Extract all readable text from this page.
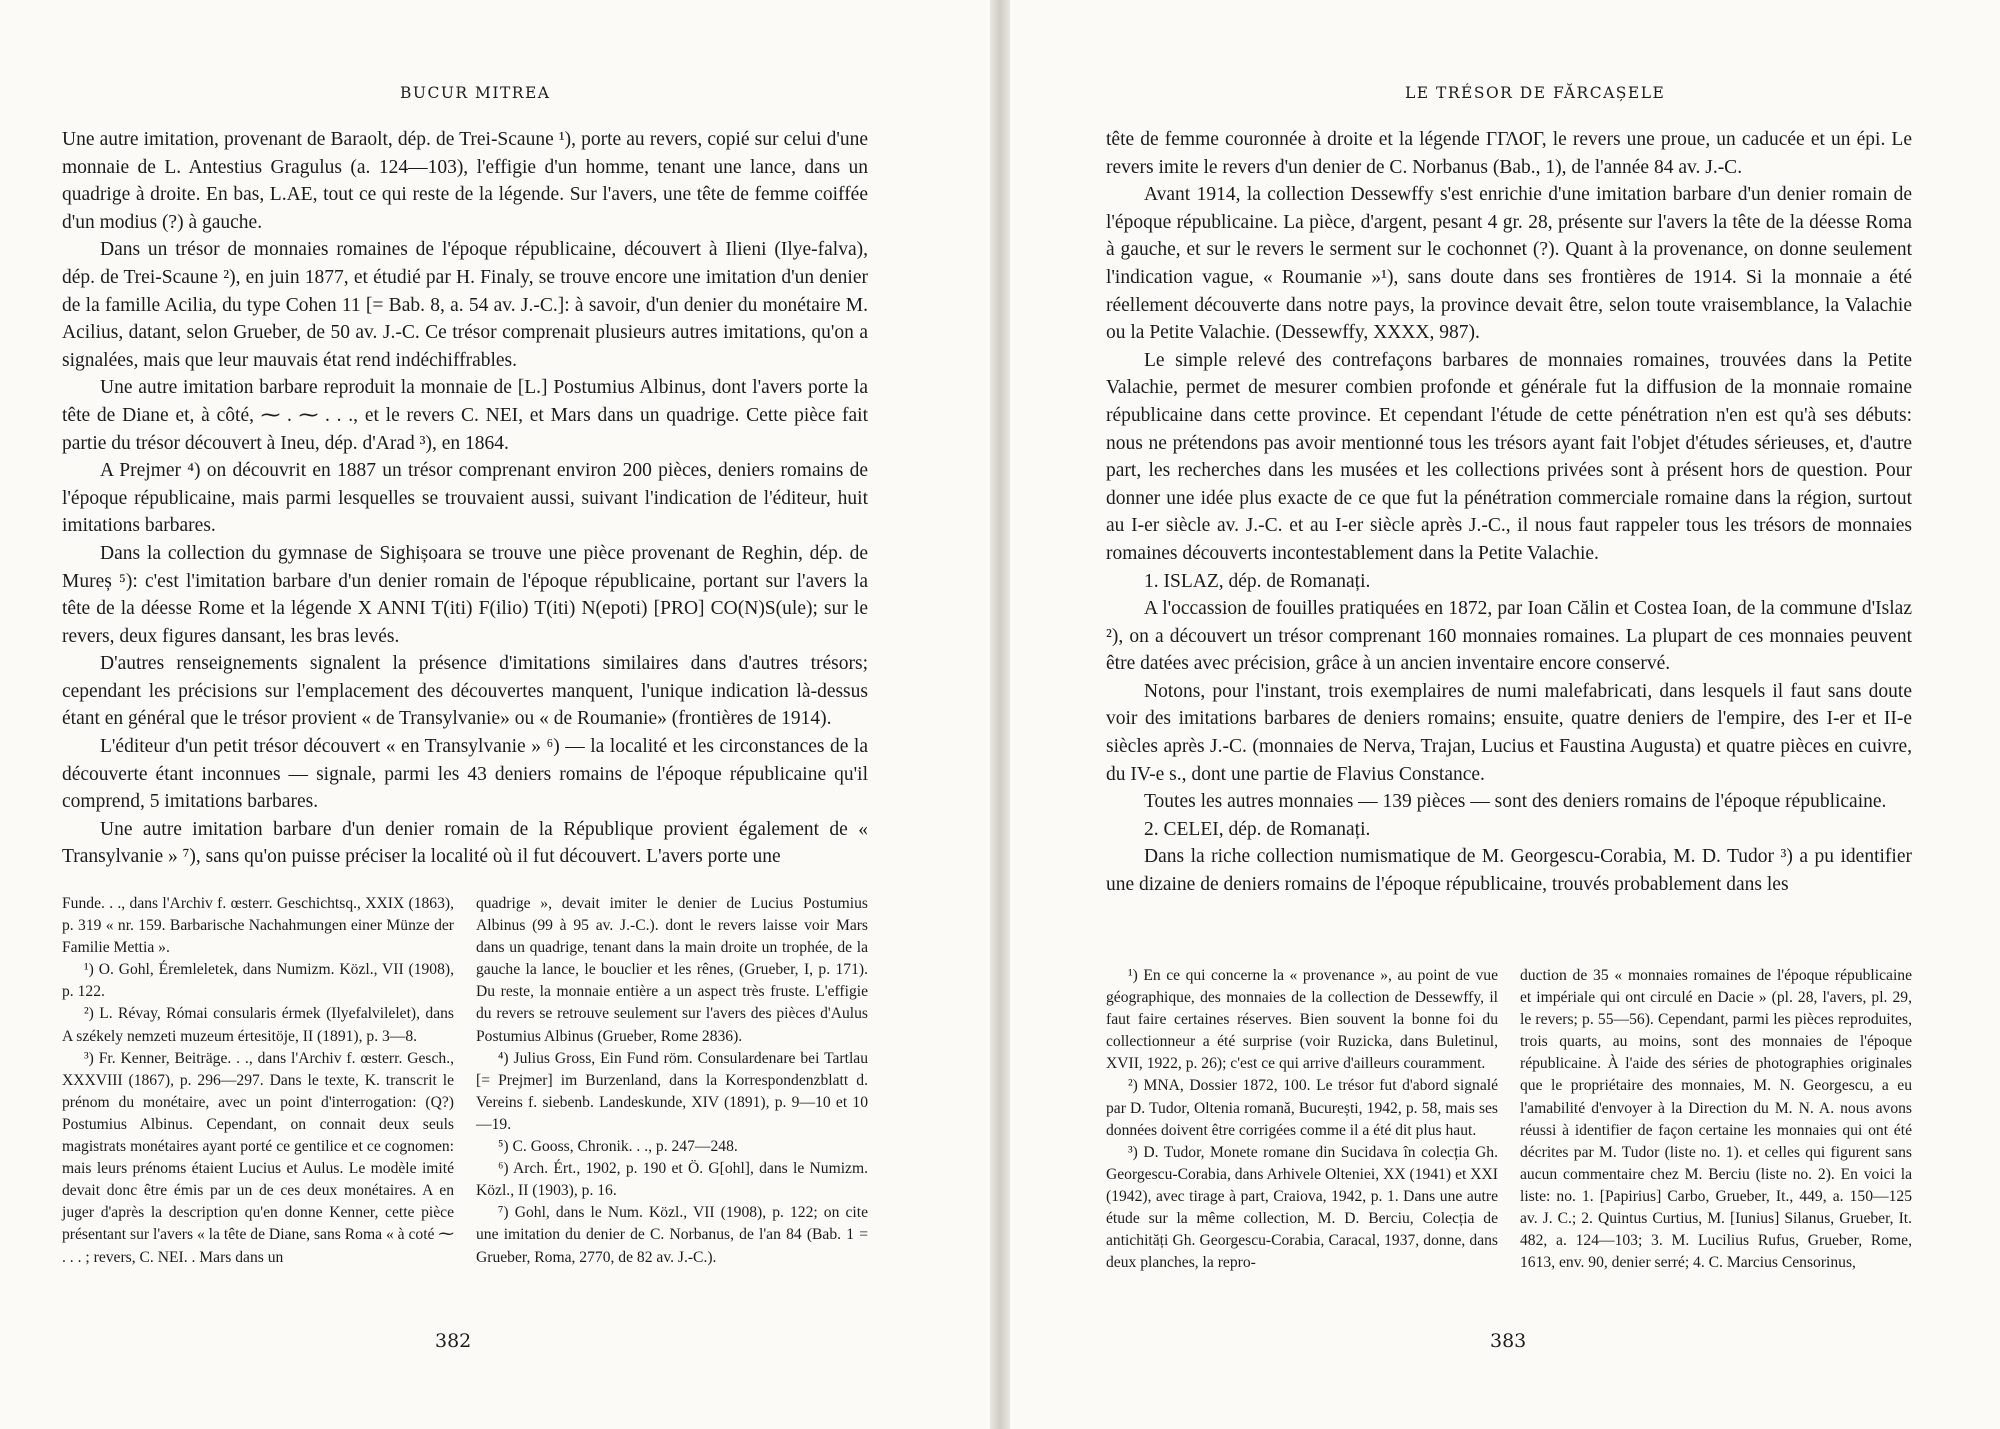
BUCUR MITREA

Une autre imitation, provenant de Baraolt, dép. de Trei-Scaune ¹), porte au revers, copié sur celui d'une monnaie de L. Antestius Gragulus (a. 124—103), l'effigie d'un homme, tenant une lance, dans un quadrige à droite. En bas, L.AE, tout ce qui reste de la légende. Sur l'avers, une tête de femme coiffée d'un modius (?) à gauche.

Dans un trésor de monnaies romaines de l'époque républicaine, découvert à Ilieni (Ilye-falva), dép. de Trei-Scaune ²), en juin 1877, et étudié par H. Finaly, se trouve encore une imitation d'un denier de la famille Acilia, du type Cohen 11 [= Bab. 8, a. 54 av. J.-C.]: à savoir, d'un denier du monétaire M. Acilius, datant, selon Grueber, de 50 av. J.-C. Ce trésor comprenait plusieurs autres imitations, qu'on a signalées, mais que leur mauvais état rend indéchiffrables.

Une autre imitation barbare reproduit la monnaie de [L.] Postumius Albinus, dont l'avers porte la tête de Diane et, à côté, ⁓ . ⁓ . . ., et le revers C. NEI, et Mars dans un quadrige. Cette pièce fait partie du trésor découvert à Ineu, dép. d'Arad ³), en 1864.

A Prejmer ⁴) on découvrit en 1887 un trésor comprenant environ 200 pièces, deniers romains de l'époque républicaine, mais parmi lesquelles se trouvaient aussi, suivant l'indication de l'éditeur, huit imitations barbares.

Dans la collection du gymnase de Sighișoara se trouve une pièce provenant de Reghin, dép. de Mureș ⁵): c'est l'imitation barbare d'un denier romain de l'époque républicaine, portant sur l'avers la tête de la déesse Rome et la légende X ANNI T(iti) F(ilio) T(iti) N(epoti) [PRO] CO(N)S(ule); sur le revers, deux figures dansant, les bras levés.

D'autres renseignements signalent la présence d'imitations similaires dans d'autres trésors; cependant les précisions sur l'emplacement des découvertes manquent, l'unique indication là-dessus étant en général que le trésor provient « de Transylvanie» ou « de Roumanie» (frontières de 1914).

L'éditeur d'un petit trésor découvert « en Transylvanie » ⁶) — la localité et les circonstances de la découverte étant inconnues — signale, parmi les 43 deniers romains de l'époque républicaine qu'il comprend, 5 imitations barbares.

Une autre imitation barbare d'un denier romain de la République provient également de « Transylvanie » ⁷), sans qu'on puisse préciser la localité où il fut découvert. L'avers porte une

Funde. . ., dans l'Archiv f. œsterr. Geschichtsq., XXIX (1863), p. 319 « nr. 159. Barbarische Nachahmungen einer Münze der Familie Mettia ».

¹) O. Gohl, Éremleletek, dans Numizm. Közl., VII (1908), p. 122.

²) L. Révay, Római consularis érmek (Ilyefalvilelet), dans A székely nemzeti muzeum értesitöje, II (1891), p. 3—8.

³) Fr. Kenner, Beiträge. . ., dans l'Archiv f. œsterr. Gesch., XXXVIII (1867), p. 296—297. Dans le texte, K. transcrit le prénom du monétaire, avec un point d'interrogation: (Q?) Postumius Albinus. Cependant, on connait deux seuls magistrats monétaires ayant porté ce gentilice et ce cognomen: mais leurs prénoms étaient Lucius et Aulus. Le modèle imité devait donc être émis par un de ces deux monétaires. A en juger d'après la description qu'en donne Kenner, cette pièce présentant sur l'avers « la tête de Diane, sans Roma « à coté ⁓ . . . ; revers, C. NEI. . Mars dans un

quadrige », devait imiter le denier de Lucius Postumius Albinus (99 à 95 av. J.-C.). dont le revers laisse voir Mars dans un quadrige, tenant dans la main droite un trophée, de la gauche la lance, le bouclier et les rênes, (Grueber, I, p. 171). Du reste, la monnaie entière a un aspect très fruste. L'effigie du revers se retrouve seulement sur l'avers des pièces d'Aulus Postumius Albinus (Grueber, Rome 2836).

⁴) Julius Gross, Ein Fund röm. Consulardenare bei Tartlau [= Prejmer] im Burzenland, dans la Korrespondenzblatt d. Vereins f. siebenb. Landeskunde, XIV (1891), p. 9—10 et 10—19.

⁵) C. Gooss, Chronik. . ., p. 247—248.

⁶) Arch. Ért., 1902, p. 190 et Ö. G[ohl], dans le Numizm. Közl., II (1903), p. 16.

⁷) Gohl, dans le Num. Közl., VII (1908), p. 122; on cite une imitation du denier de C. Norbanus, de l'an 84 (Bab. 1 = Grueber, Roma, 2770, de 82 av. J.-C.).

382
LE TRÉSOR DE FĂRCAȘELE

tête de femme couronnée à droite et la légende ΓΓΛΟΓ, le revers une proue, un caducée et un épi. Le revers imite le revers d'un denier de C. Norbanus (Bab., 1), de l'année 84 av. J.-C.

Avant 1914, la collection Dessewffy s'est enrichie d'une imitation barbare d'un denier romain de l'époque républicaine. La pièce, d'argent, pesant 4 gr. 28, présente sur l'avers la tête de la déesse Roma à gauche, et sur le revers le serment sur le cochonnet (?). Quant à la provenance, on donne seulement l'indication vague, « Roumanie »¹), sans doute dans ses frontières de 1914. Si la monnaie a été réellement découverte dans notre pays, la province devait être, selon toute vraisemblance, la Valachie ou la Petite Valachie. (Dessewffy, XXXX, 987).

Le simple relevé des contrefaçons barbares de monnaies romaines, trouvées dans la Petite Valachie, permet de mesurer combien profonde et générale fut la diffusion de la monnaie romaine républicaine dans cette province. Et cependant l'étude de cette pénétration n'en est qu'à ses débuts: nous ne prétendons pas avoir mentionné tous les trésors ayant fait l'objet d'études sérieuses, et, d'autre part, les recherches dans les musées et les collections privées sont à présent hors de question. Pour donner une idée plus exacte de ce que fut la pénétration commerciale romaine dans la région, surtout au I-er siècle av. J.-C. et au I-er siècle après J.-C., il nous faut rappeler tous les trésors de monnaies romaines découverts incontestablement dans la Petite Valachie.

1. ISLAZ, dép. de Romanați.

A l'occassion de fouilles pratiquées en 1872, par Ioan Călin et Costea Ioan, de la commune d'Islaz ²), on a découvert un trésor comprenant 160 monnaies romaines. La plupart de ces monnaies peuvent être datées avec précision, grâce à un ancien inventaire encore conservé.

Notons, pour l'instant, trois exemplaires de numi malefabricati, dans lesquels il faut sans doute voir des imitations barbares de deniers romains; ensuite, quatre deniers de l'empire, des I-er et II-e siècles après J.-C. (monnaies de Nerva, Trajan, Lucius et Faustina Augusta) et quatre pièces en cuivre, du IV-e s., dont une partie de Flavius Constance.

Toutes les autres monnaies — 139 pièces — sont des deniers romains de l'époque républicaine.

2. CELEI, dép. de Romanați.

Dans la riche collection numismatique de M. Georgescu-Corabia, M. D. Tudor ³) a pu identifier une dizaine de deniers romains de l'époque républicaine, trouvés probablement dans les

¹) En ce qui concerne la « provenance », au point de vue géographique, des monnaies de la collection de Dessewffy, il faut faire certaines réserves. Bien souvent la bonne foi du collectionneur a été surprise (voir Ruzicka, dans Buletinul, XVII, 1922, p. 26); c'est ce qui arrive d'ailleurs couramment.

²) MNA, Dossier 1872, 100. Le trésor fut d'abord signalé par D. Tudor, Oltenia romană, București, 1942, p. 58, mais ses données doivent être corrigées comme il a été dit plus haut.

³) D. Tudor, Monete romane din Sucidava în colecția Gh. Georgescu-Corabia, dans Arhivele Olteniei, XX (1941) et XXI (1942), avec tirage à part, Craiova, 1942, p. 1. Dans une autre étude sur la même collection, M. D. Berciu, Colecția de antichități Gh. Georgescu-Corabia, Caracal, 1937, donne, dans deux planches, la repro-

duction de 35 « monnaies romaines de l'époque républicaine et impériale qui ont circulé en Dacie » (pl. 28, l'avers, pl. 29, le revers; p. 55—56). Cependant, parmi les pièces reproduites, trois quarts, au moins, sont des monnaies de l'époque républicaine. À l'aide des séries de photographies originales que le propriétaire des monnaies, M. N. Georgescu, a eu l'amabilité d'envoyer à la Direction du M. N. A. nous avons réussi à identifier de façon certaine les monnaies qui ont été décrites par M. Tudor (liste no. 1). et celles qui figurent sans aucun commentaire chez M. Berciu (liste no. 2). En voici la liste: no. 1. [Papirius] Carbo, Grueber, It., 449, a. 150—125 av. J. C.; 2. Quintus Curtius, M. [Iunius] Silanus, Grueber, It. 482, a. 124—103; 3. M. Lucilius Rufus, Grueber, Rome, 1613, env. 90, denier serré; 4. C. Marcius Censorinus,

383
